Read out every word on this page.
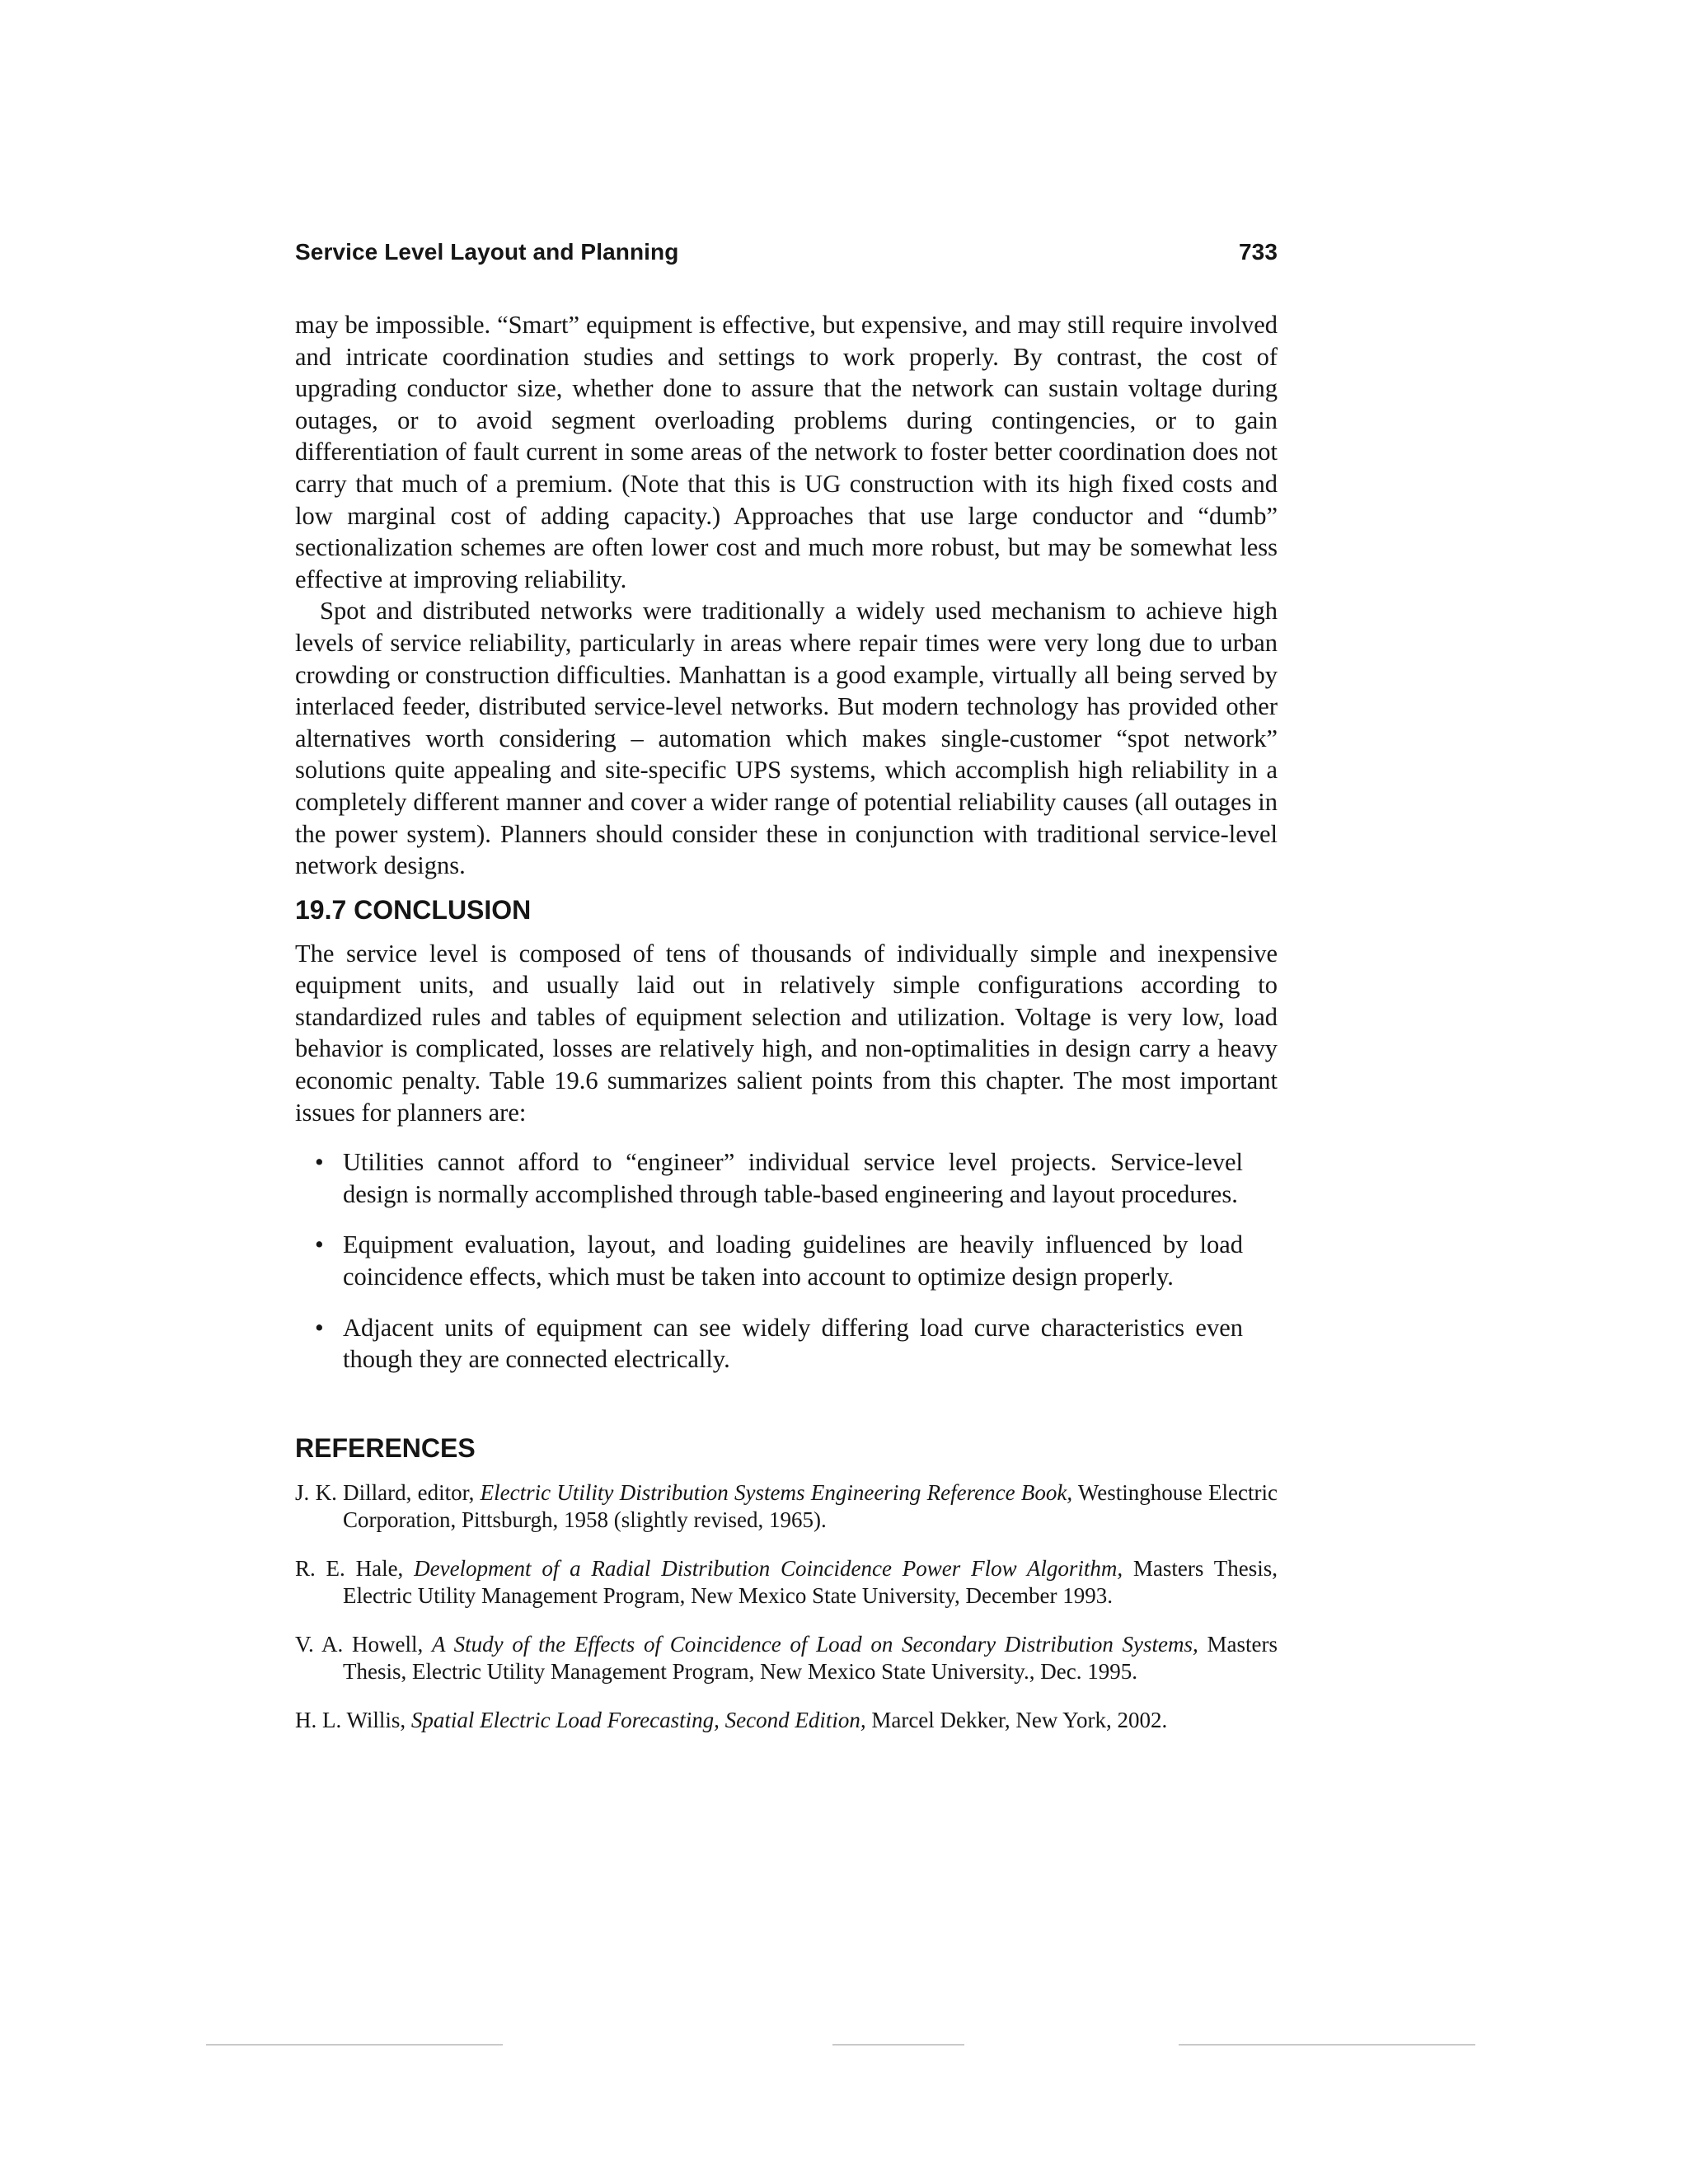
Service Level Layout and Planning	733

may be impossible. “Smart” equipment is effective, but expensive, and may still require involved and intricate coordination studies and settings to work properly. By contrast, the cost of upgrading conductor size, whether done to assure that the network can sustain voltage during outages, or to avoid segment overloading problems during contingencies, or to gain differentiation of fault current in some areas of the network to foster better coordination does not carry that much of a premium. (Note that this is UG construction with its high fixed costs and low marginal cost of adding capacity.) Approaches that use large conductor and “dumb” sectionalization schemes are often lower cost and much more robust, but may be somewhat less effective at improving reliability.

Spot and distributed networks were traditionally a widely used mechanism to achieve high levels of service reliability, particularly in areas where repair times were very long due to urban crowding or construction difficulties. Manhattan is a good example, virtually all being served by interlaced feeder, distributed service-level networks. But modern technology has provided other alternatives worth considering – automation which makes single-customer “spot network” solutions quite appealing and site-specific UPS systems, which accomplish high reliability in a completely different manner and cover a wider range of potential reliability causes (all outages in the power system). Planners should consider these in conjunction with traditional service-level network designs.

19.7 CONCLUSION

The service level is composed of tens of thousands of individually simple and inexpensive equipment units, and usually laid out in relatively simple configurations according to standardized rules and tables of equipment selection and utilization. Voltage is very low, load behavior is complicated, losses are relatively high, and non-optimalities in design carry a heavy economic penalty. Table 19.6 summarizes salient points from this chapter. The most important issues for planners are:

• Utilities cannot afford to “engineer” individual service level projects. Service-level design is normally accomplished through table-based engineering and layout procedures.
• Equipment evaluation, layout, and loading guidelines are heavily influenced by load coincidence effects, which must be taken into account to optimize design properly.
• Adjacent units of equipment can see widely differing load curve characteristics even though they are connected electrically.
REFERENCES

J. K. Dillard, editor, Electric Utility Distribution Systems Engineering Reference Book, Westinghouse Electric Corporation, Pittsburgh, 1958 (slightly revised, 1965).

R. E. Hale, Development of a Radial Distribution Coincidence Power Flow Algorithm, Masters Thesis, Electric Utility Management Program, New Mexico State University, December 1993.

V. A. Howell, A Study of the Effects of Coincidence of Load on Secondary Distribution Systems, Masters Thesis, Electric Utility Management Program, New Mexico State University., Dec. 1995.

H. L. Willis, Spatial Electric Load Forecasting, Second Edition, Marcel Dekker, New York, 2002.
